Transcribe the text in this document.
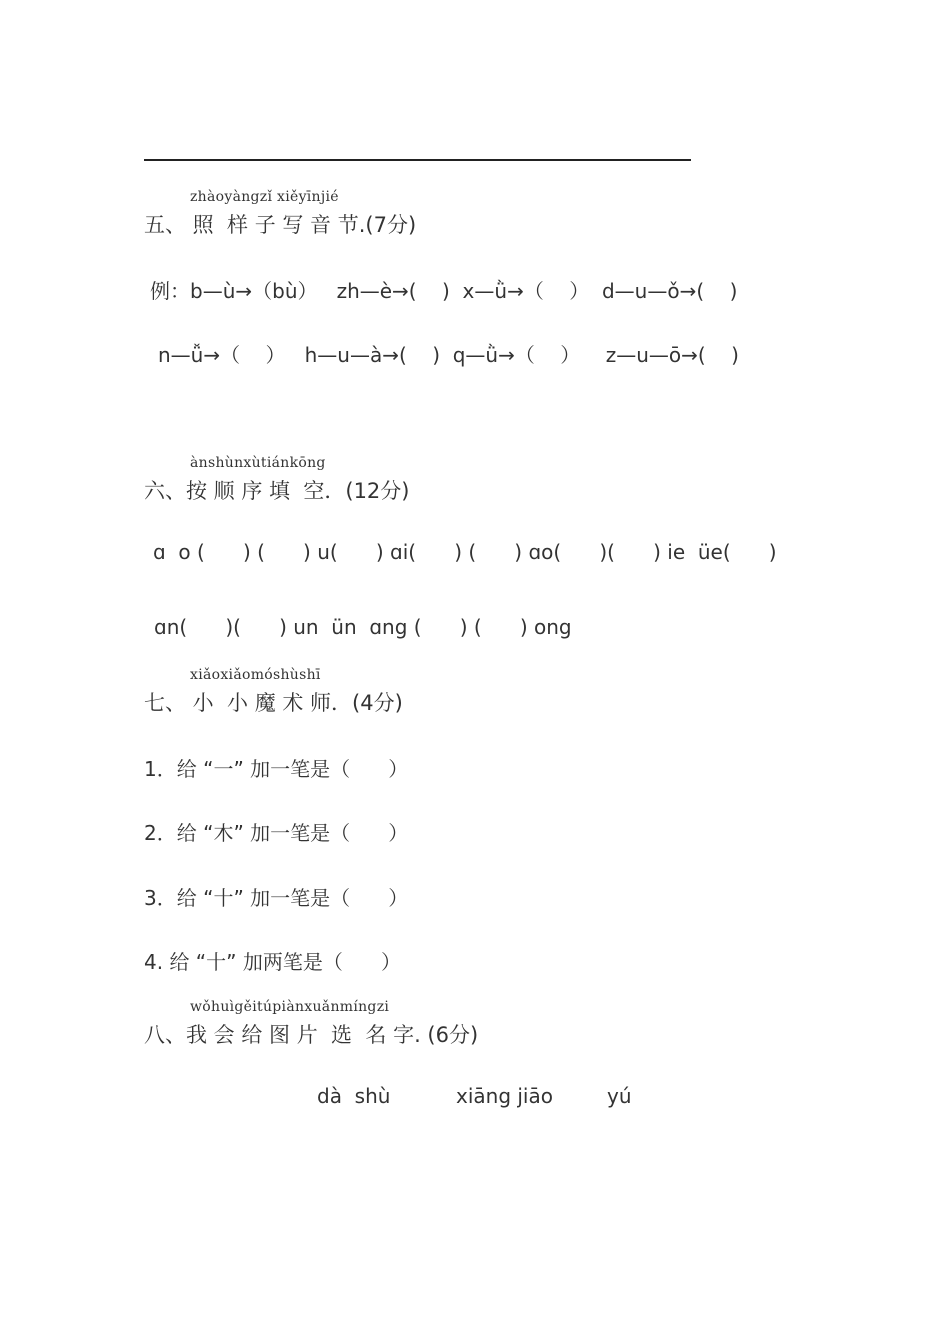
zhàoyàngzǐ xiěyīnjié
五、 照  样 子 写 音 节.(7分)
例：b—ù→（bù）   zh—è→(    )  x—ǜ→（    ）  d—u—ǒ→(    )
n—ǚ→（    ）   h—u—à→(    )  q—ǜ→（    ）    z—u—ō→(    )
ànshùnxùtiánkōng
六、按 顺 序 填  空．(12分)
ɑ  o (      ) (      ) u(      ) ɑi(      ) (      ) ɑo(      )(      ) ie  üe(      )
ɑn(      )(      ) un  ün  ɑng (      ) (      ) ong
xiǎoxiǎomóshùshī
七、 小  小 魔 术 师．(4分)
1．给 “一” 加一笔是（      ）
2．给 “木” 加一笔是（      ）
3．给 “十” 加一笔是（      ）
4. 给 “十” 加两笔是（      ）
wǒhuìgěitúpiànxuǎnmíngzi
八、我 会 给 图 片  选  名 字. (6分)
dà  shù	xiāng jiāo	yú
